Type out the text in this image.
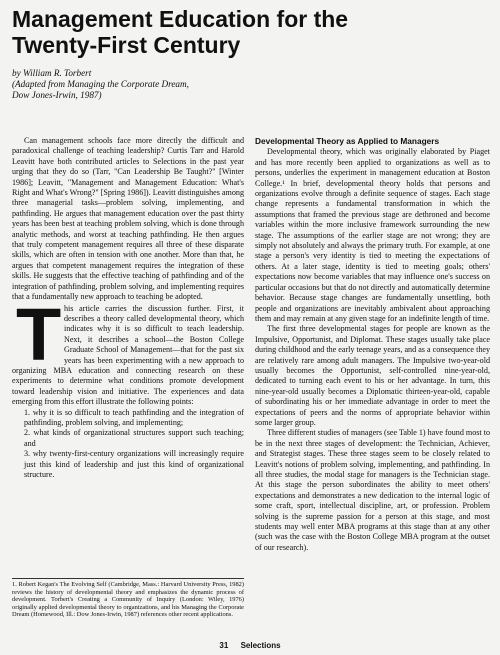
Management Education for the
Twenty-First Century
by William R. Torbert
(Adapted from Managing the Corporate Dream,
Dow Jones-Irwin, 1987)

Can management schools face more directly the difficult and paradoxical challenge of teaching leadership? Curtis Tarr and Harold Leavitt have both contributed articles to Selections in the past year urging that they do so (Tarr, "Can Leadership Be Taught?" [Winter 1986]; Leavitt, "Management and Management Education: What's Right and What's Wrong?" [Spring 1986]). Leavitt distinguishes among three managerial tasks—problem solving, implementing, and pathfinding. He argues that management education over the past thirty years has been best at teaching problem solving, which is done through analytic methods, and worst at teaching pathfinding. He then argues that truly competent management requires all three of these disparate skills, which are often in tension with one another. More than that, he argues that competent management requires the integration of these skills. He suggests that the effective teaching of pathfinding and of the integration of pathfinding, problem solving, and implementing requires that a fundamentally new approach to teaching be adopted.

T his article carries the discussion further. First, it describes a theory called developmental theory, which indicates why it is so difficult to teach leadership. Next, it describes a school—the Boston College Graduate School of Management—that for the past six years has been experimenting with a new approach to organizing MBA education and connecting research on these experiments to determine what conditions promote development toward leadership vision and initiative. The experiences and data emerging from this effort illustrate the following points:

1. why it is so difficult to teach pathfinding and the integration of pathfinding, problem solving, and implementing;
2. what kinds of organizational structures support such teaching; and
3. why twenty-first-century organizations will increasingly require just this kind of leadership and just this kind of organizational structure.
1. Robert Kegan's The Evolving Self (Cambridge, Mass.: Harvard University Press, 1982) reviews the history of developmental theory and emphasizes the dynamic process of development. Torbert's Creating a Community of Inquiry (London: Wiley, 1976) originally applied developmental theory to organizations, and his Managing the Corporate Dream (Homewood, Ill.: Dow Jones-Irwin, 1987) references other recent applications.
Developmental Theory as Applied to Managers

Developmental theory, which was originally elaborated by Piaget and has more recently been applied to organizations as well as to persons, underlies the experiment in management education at Boston College.¹ In brief, developmental theory holds that persons and organizations evolve through a definite sequence of stages. Each stage change represents a fundamental transformation in which the assumptions that framed the previous stage are dethroned and become variables within the more inclusive framework surrounding the new stage. The assumptions of the earlier stage are not wrong; they are simply not absolutely and always the primary truth. For example, at one stage a person's very identity is tied to meeting the expectations of others. At a later stage, identity is tied to meeting goals; others' expectations now become variables that may influence one's success on particular occasions but that do not directly and automatically determine behavior. Because stage changes are fundamentally unsettling, both people and organizations are inevitably ambivalent about approaching them and may remain at any given stage for an indefinite length of time.

The first three developmental stages for people are known as the Impulsive, Opportunist, and Diplomat. These stages usually take place during childhood and the early teenage years, and as a consequence they are relatively rare among adult managers. The Impulsive two-year-old usually becomes the Opportunist, self-controlled nine-year-old, dedicated to turning each event to his or her advantage. In turn, this nine-year-old usually becomes a Diplomatic thirteen-year-old, capable of subordinating his or her immediate advantage in order to meet the expectations of peers and the norms of appropriate behavior within some larger group.

Three different studies of managers (see Table 1) have found most to be in the next three stages of development: the Technician, Achiever, and Strategist stages. These three stages seem to be closely related to Leavitt's notions of problem solving, implementing, and pathfinding. In all three studies, the modal stage for managers is the Technician stage. At this stage the person subordinates the ability to meet others' expectations and demonstrates a new dedication to the internal logic of some craft, sport, intellectual discipline, art, or profession. Problem solving is the supreme passion for a person at this stage, and most students may well enter MBA programs at this stage than at any other (such was the case with the Boston College MBA program at the outset of our research).

31 Selections
